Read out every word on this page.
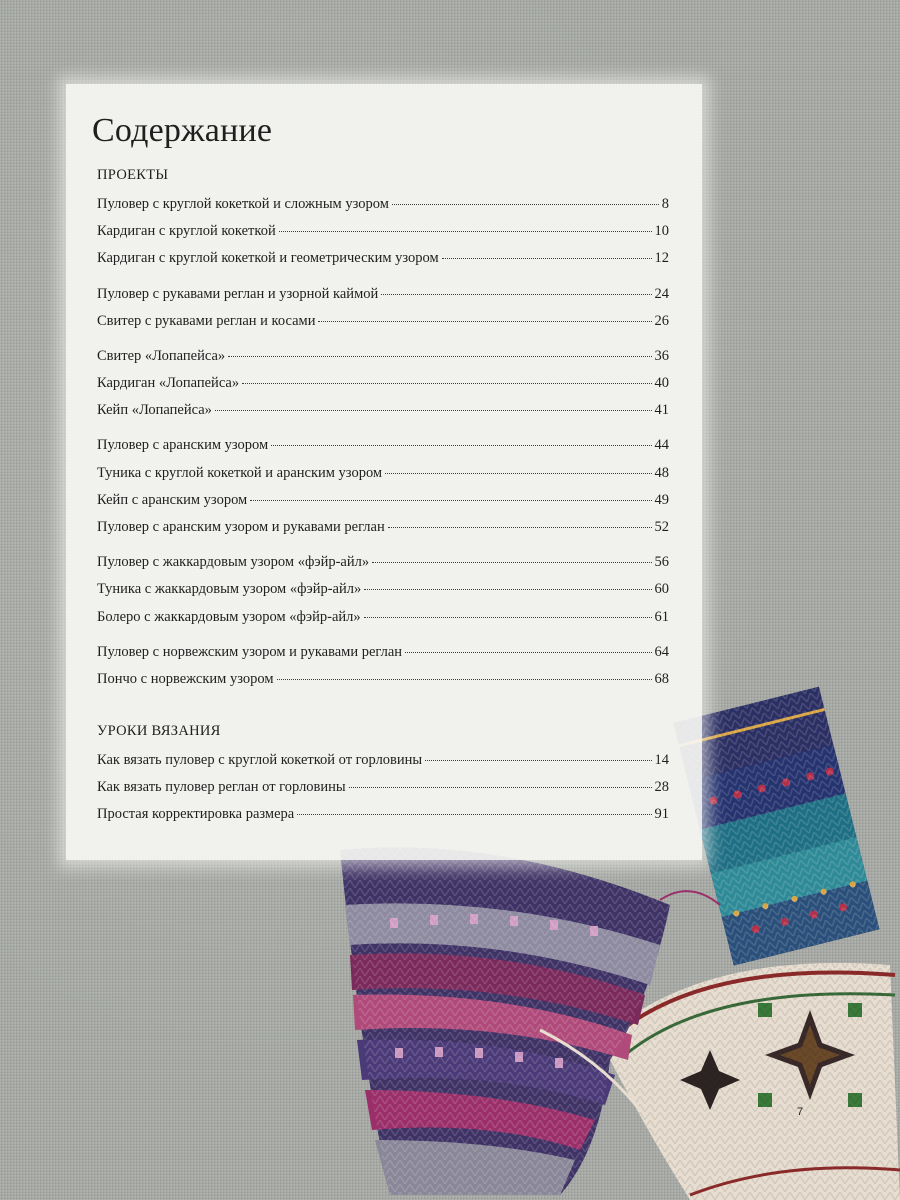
Содержание
ПРОЕКТЫ
Пуловер с круглой кокеткой и сложным узором	8
Кардиган с круглой кокеткой	10
Кардиган с круглой кокеткой и геометрическим узором	12
Пуловер с рукавами реглан и узорной каймой	24
Свитер с рукавами реглан и косами	26
Свитер «Лопапейса»	36
Кардиган «Лопапейса»	40
Кейп «Лопапейса»	41
Пуловер с аранским узором	44
Туника с круглой кокеткой и аранским узором	48
Кейп с аранским узором	49
Пуловер с аранским узором и рукавами реглан	52
Пуловер с жаккардовым узором «фэйр-айл»	56
Туника с жаккардовым узором «фэйр-айл»	60
Болеро с жаккардовым узором «фэйр-айл»	61
Пуловер с норвежским узором и рукавами реглан	64
Пончо с норвежским узором	68
УРОКИ ВЯЗАНИЯ
Как вязать пуловер с круглой кокеткой от горловины	14
Как вязать пуловер реглан от горловины	28
Простая корректировка размера	91
7
